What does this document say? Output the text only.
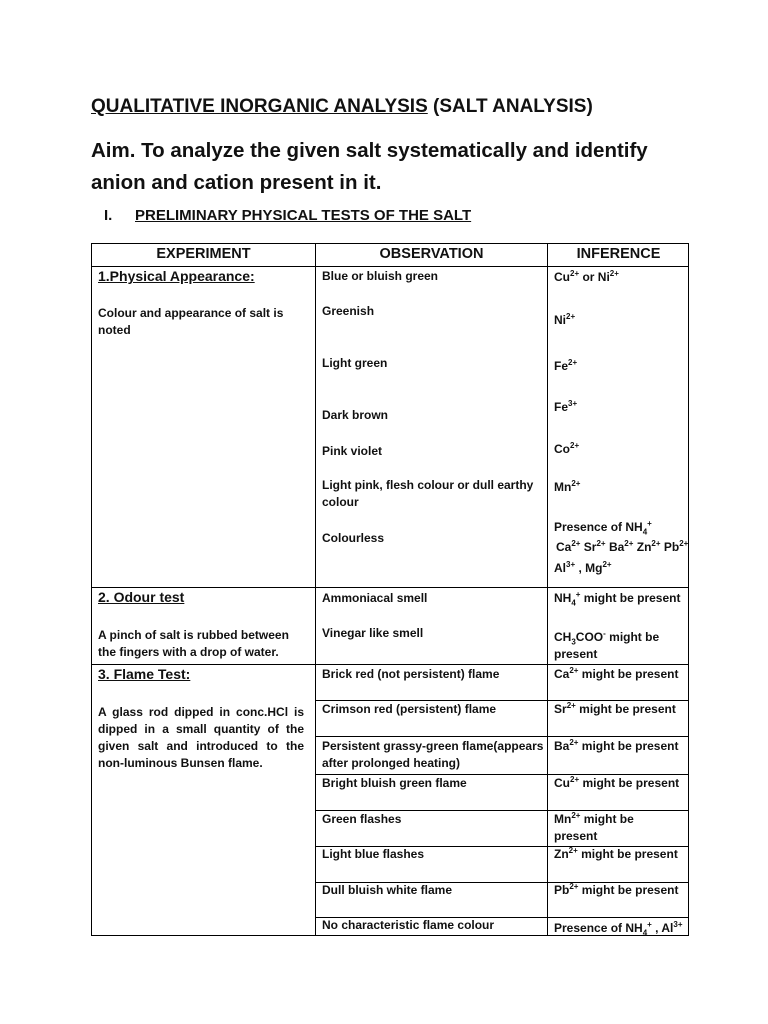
QUALITATIVE INORGANIC ANALYSIS (SALT ANALYSIS)
Aim. To analyze the given salt systematically and identify anion and cation present in it.
I. PRELIMINARY PHYSICAL TESTS OF THE SALT
EXPERIMENT	OBSERVATION	INFERENCE
1.Physical Appearance:
Colour and appearance of salt is noted
Blue or bluish green
Greenish
Light green
Dark brown
Pink violet
Light pink, flesh colour or dull earthy colour
Colourless
$Cu^{2+}$ or $Ni^{2+}$
$Ni^{2+}$
$Fe^{2+}$
$Fe^{3+}$
$Co^{2+}$
$Mn^{2+}$
Presence of $NH_4^+$
$Ca^{2+}$ $Sr^{2+}$ $Ba^{2+}$ $Zn^{2+}$ $Pb^{2+}$
$Al^{3+}$ , $Mg^{2+}$
2. Odour test
A pinch of salt is rubbed between the fingers with a drop of water.
Ammoniacal smell
Vinegar like smell
$NH_4^+$ might be present
$CH_3COO^-$ might be present
3. Flame Test:
A glass rod dipped in conc.HCl is dipped in a small quantity of the given salt and introduced to the non-luminous Bunsen flame.
Brick red (not persistent) flame
Crimson red (persistent) flame
Persistent grassy-green flame(appears after prolonged heating)
Bright bluish green flame
Green flashes
Light blue flashes
Dull bluish white flame
No characteristic flame colour
$Ca^{2+}$ might be present
$Sr^{2+}$ might be present
$Ba^{2+}$ might be present
$Cu^{2+}$ might be present
$Mn^{2+}$ might be present
$Zn^{2+}$ might be present
$Pb^{2+}$ might be present
Presence of $NH_4^+$ , $Al^{3+}$
